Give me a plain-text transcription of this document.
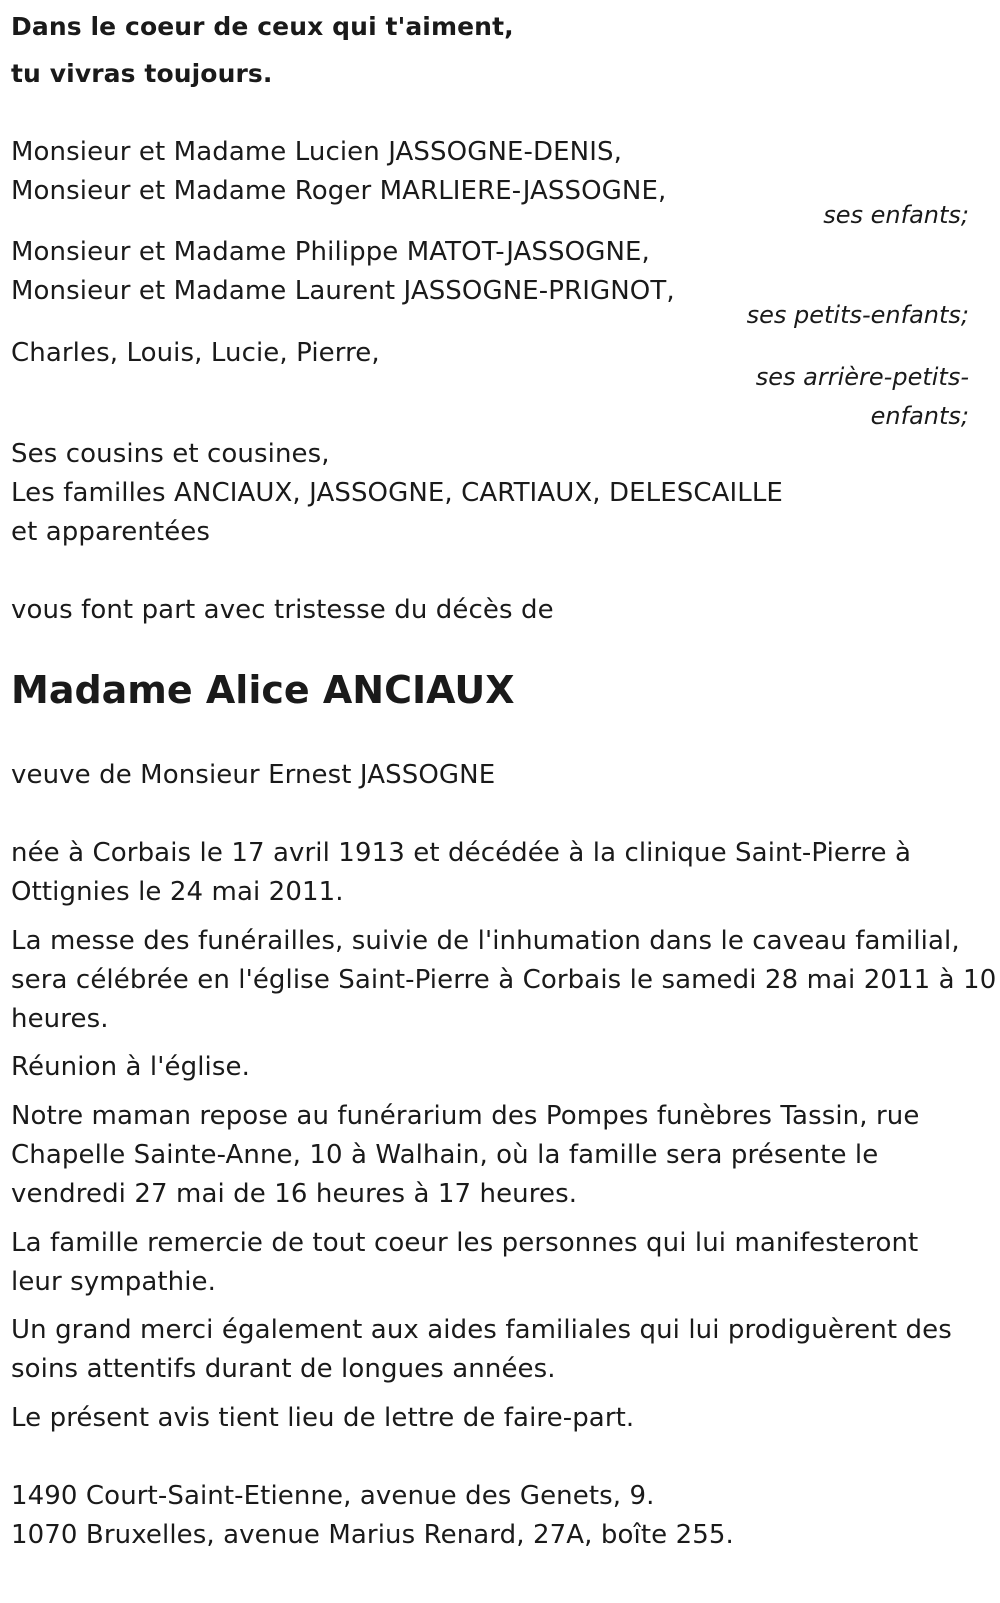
Dans le coeur de ceux qui t'aiment,
tu vivras toujours.
Monsieur et Madame Lucien JASSOGNE-DENIS,
Monsieur et Madame Roger MARLIERE-JASSOGNE,
ses enfants;
Monsieur et Madame Philippe MATOT-JASSOGNE,
Monsieur et Madame Laurent JASSOGNE-PRIGNOT,
ses petits-enfants;
Charles, Louis, Lucie, Pierre,
ses arrière-petits-
enfants;
Ses cousins et cousines,
Les familles ANCIAUX, JASSOGNE, CARTIAUX, DELESCAILLE
et apparentées
vous font part avec tristesse du décès de
Madame Alice ANCIAUX
veuve de Monsieur Ernest JASSOGNE
née à Corbais le 17 avril 1913 et décédée à la clinique Saint-Pierre à
Ottignies le 24 mai 2011.
La messe des funérailles, suivie de l'inhumation dans le caveau familial,
sera célébrée en l'église Saint-Pierre à Corbais le samedi 28 mai 2011 à 10
heures.
Réunion à l'église.
Notre maman repose au funérarium des Pompes funèbres Tassin, rue
Chapelle Sainte-Anne, 10 à Walhain, où la famille sera présente le
vendredi 27 mai de 16 heures à 17 heures.
La famille remercie de tout coeur les personnes qui lui manifesteront
leur sympathie.
Un grand merci également aux aides familiales qui lui prodiguèrent des
soins attentifs durant de longues années.
Le présent avis tient lieu de lettre de faire-part.
1490 Court-Saint-Etienne, avenue des Genets, 9.
1070 Bruxelles, avenue Marius Renard, 27A, boîte 255.
